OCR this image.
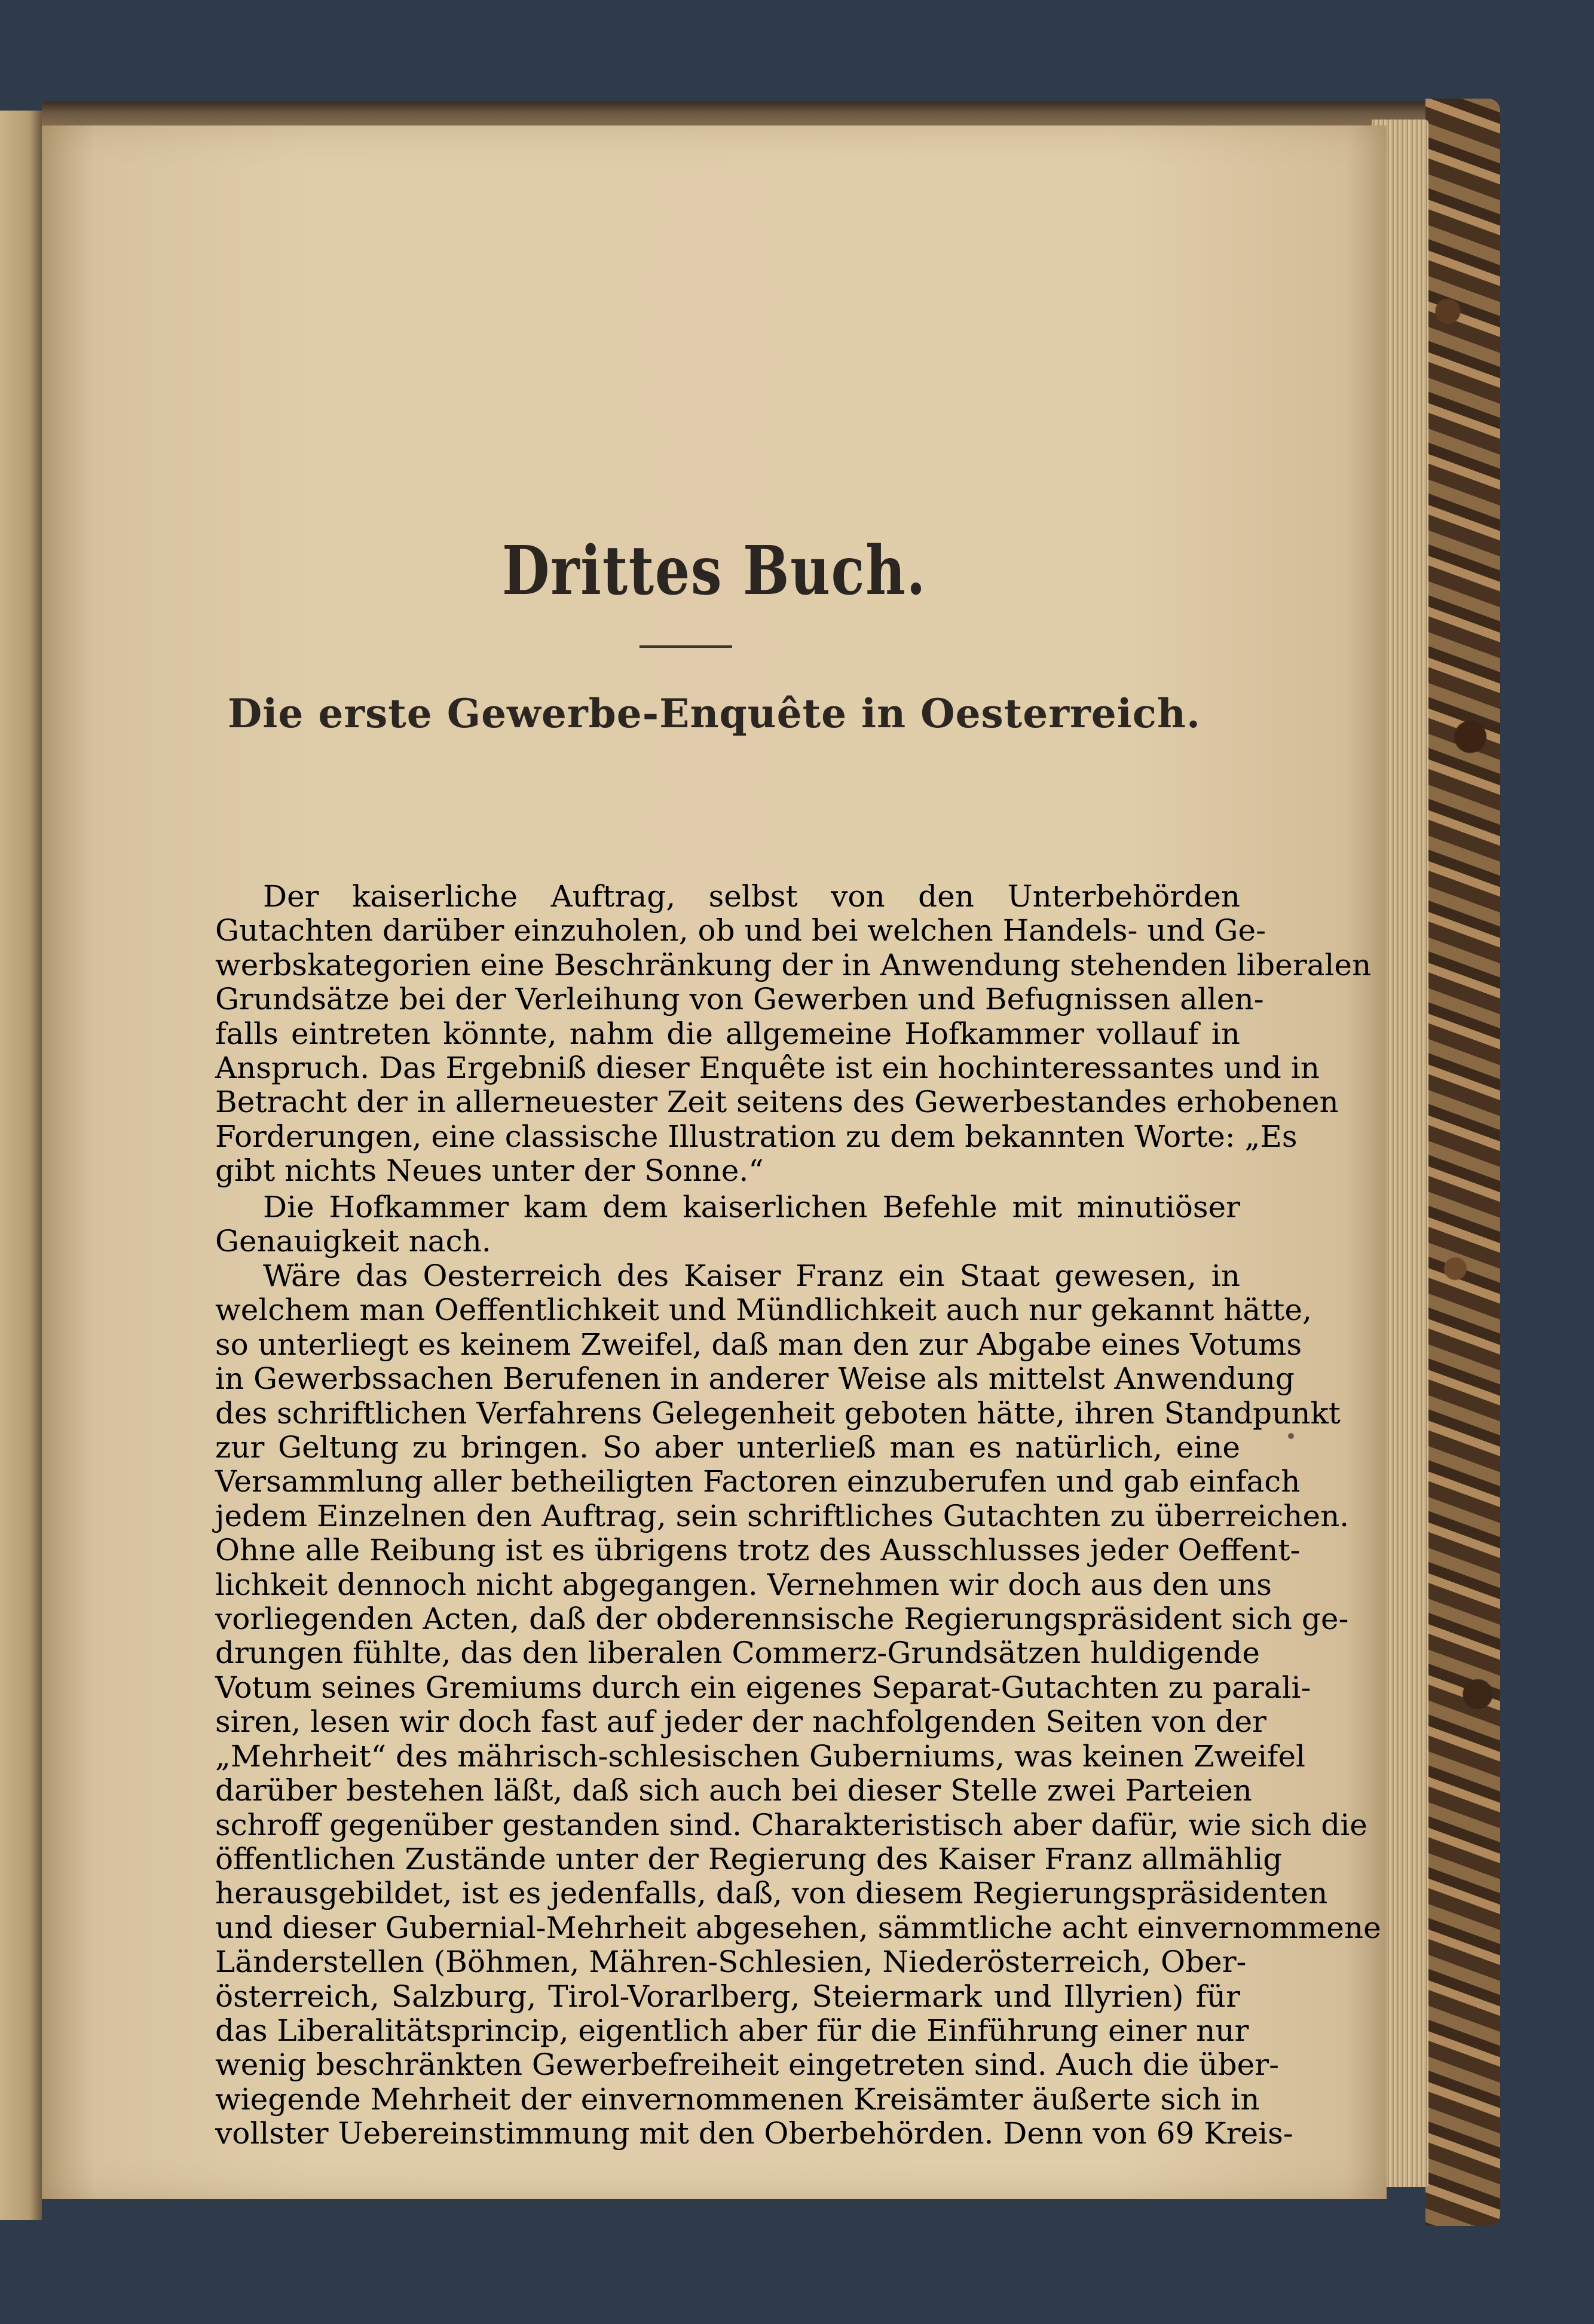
Drittes Buch.
Die erste Gewerbe-Enquête in Oesterreich.
Der kaiserliche Auftrag, selbst von den Unterbehörden
Gutachten darüber einzuholen, ob und bei welchen Handels- und Ge-
werbskategorien eine Beschränkung der in Anwendung stehenden liberalen
Grundsätze bei der Verleihung von Gewerben und Befugnissen allen-
falls eintreten könnte, nahm die allgemeine Hofkammer vollauf in
Anspruch. Das Ergebniß dieser Enquête ist ein hochinteressantes und in
Betracht der in allerneuester Zeit seitens des Gewerbestandes erhobenen
Forderungen, eine classische Illustration zu dem bekannten Worte: „Es
gibt nichts Neues unter der Sonne.“
Die Hofkammer kam dem kaiserlichen Befehle mit minutiöser
Genauigkeit nach.
Wäre das Oesterreich des Kaiser Franz ein Staat gewesen, in
welchem man Oeffentlichkeit und Mündlichkeit auch nur gekannt hätte,
so unterliegt es keinem Zweifel, daß man den zur Abgabe eines Votums
in Gewerbssachen Berufenen in anderer Weise als mittelst Anwendung
des schriftlichen Verfahrens Gelegenheit geboten hätte, ihren Standpunkt
zur Geltung zu bringen. So aber unterließ man es natürlich, eine
Versammlung aller betheiligten Factoren einzuberufen und gab einfach
jedem Einzelnen den Auftrag, sein schriftliches Gutachten zu überreichen.
Ohne alle Reibung ist es übrigens trotz des Ausschlusses jeder Oeffent-
lichkeit dennoch nicht abgegangen. Vernehmen wir doch aus den uns
vorliegenden Acten, daß der obderennsische Regierungspräsident sich ge-
drungen fühlte, das den liberalen Commerz-Grundsätzen huldigende
Votum seines Gremiums durch ein eigenes Separat-Gutachten zu parali-
siren, lesen wir doch fast auf jeder der nachfolgenden Seiten von der
„Mehrheit“ des mährisch-schlesischen Guberniums, was keinen Zweifel
darüber bestehen läßt, daß sich auch bei dieser Stelle zwei Parteien
schroff gegenüber gestanden sind. Charakteristisch aber dafür, wie sich die
öffentlichen Zustände unter der Regierung des Kaiser Franz allmählig
herausgebildet, ist es jedenfalls, daß, von diesem Regierungspräsidenten
und dieser Gubernial-Mehrheit abgesehen, sämmtliche acht einvernommene
Länderstellen (Böhmen, Mähren-Schlesien, Niederösterreich, Ober-
österreich, Salzburg, Tirol-Vorarlberg, Steiermark und Illyrien) für
das Liberalitätsprincip, eigentlich aber für die Einführung einer nur
wenig beschränkten Gewerbefreiheit eingetreten sind. Auch die über-
wiegende Mehrheit der einvernommenen Kreisämter äußerte sich in
vollster Uebereinstimmung mit den Oberbehörden. Denn von 69 Kreis-
